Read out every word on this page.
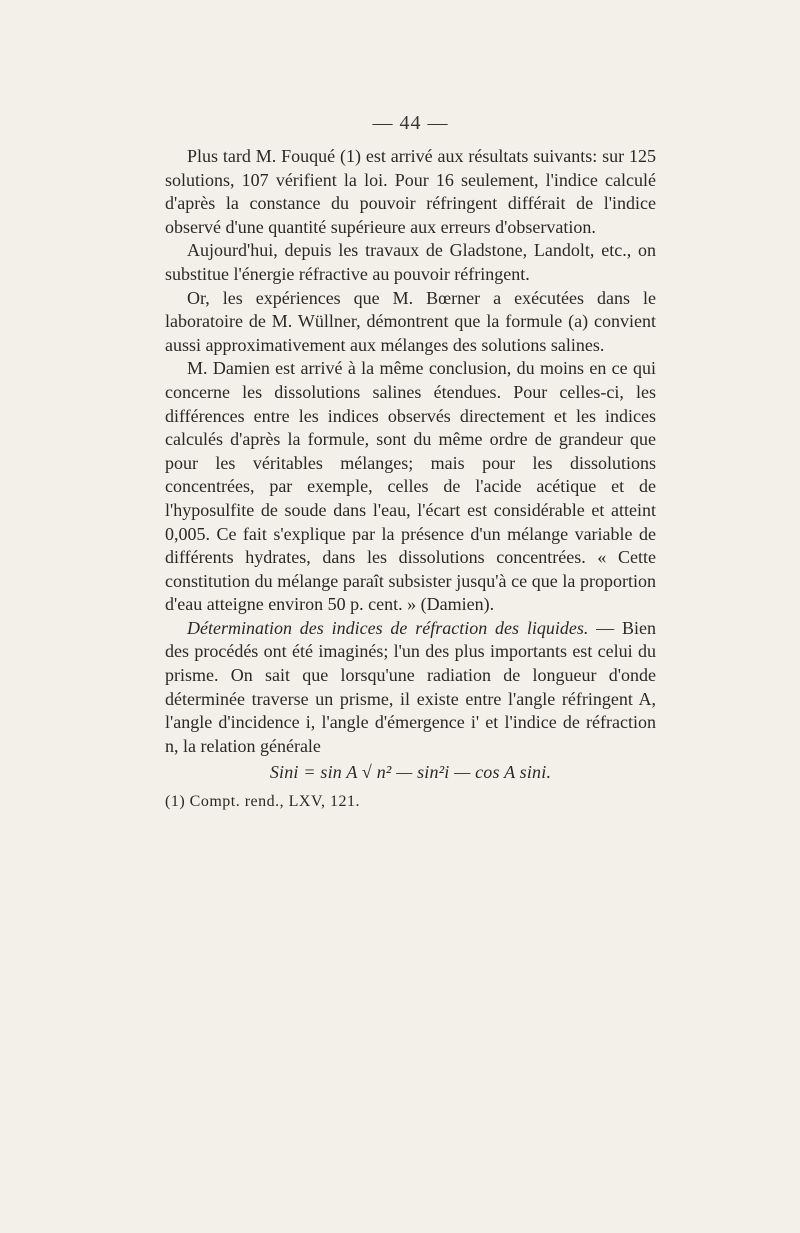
— 44 —

Plus tard M. Fouqué (1) est arrivé aux résultats suivants: sur 125 solutions, 107 vérifient la loi. Pour 16 seulement, l'indice calculé d'après la constance du pouvoir réfringent différait de l'indice observé d'une quantité supérieure aux erreurs d'observation.

Aujourd'hui, depuis les travaux de Gladstone, Landolt, etc., on substitue l'énergie réfractive au pouvoir réfringent.

Or, les expériences que M. Bœrner a exécutées dans le laboratoire de M. Wüllner, démontrent que la formule (a) convient aussi approximativement aux mélanges des solutions salines.

M. Damien est arrivé à la même conclusion, du moins en ce qui concerne les dissolutions salines étendues. Pour celles-ci, les différences entre les indices observés directement et les indices calculés d'après la formule, sont du même ordre de grandeur que pour les véritables mélanges; mais pour les dissolutions concentrées, par exemple, celles de l'acide acétique et de l'hyposulfite de soude dans l'eau, l'écart est considérable et atteint 0,005. Ce fait s'explique par la présence d'un mélange variable de différents hydrates, dans les dissolutions concentrées. « Cette constitution du mélange paraît subsister jusqu'à ce que la proportion d'eau atteigne environ 50 p. cent. » (Damien).

Détermination des indices de réfraction des liquides. — Bien des procédés ont été imaginés; l'un des plus importants est celui du prisme. On sait que lorsqu'une radiation de longueur d'onde déterminée traverse un prisme, il existe entre l'angle réfringent A, l'angle d'incidence i, l'angle d'émergence i' et l'indice de réfraction n, la relation générale

Sini = sin A √ n² — sin²i — cos A sini.
(1) Compt. rend., LXV, 121.
